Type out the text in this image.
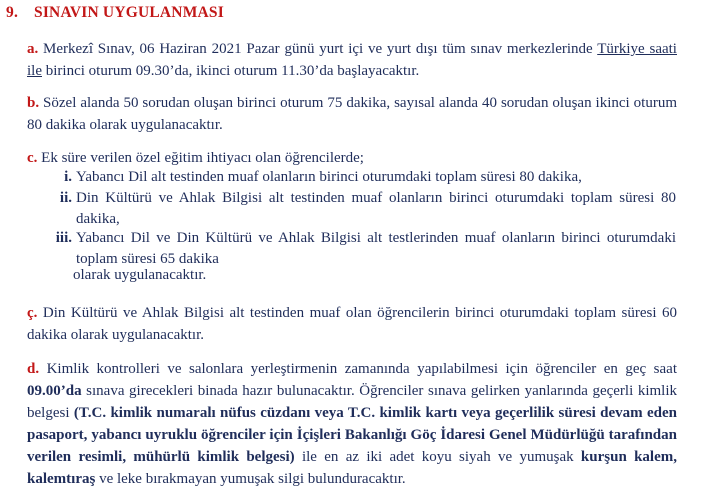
9. SINAVIN UYGULANMASI
a. Merkezî Sınav, 06 Haziran 2021 Pazar günü yurt içi ve yurt dışı tüm sınav merkezlerinde Türkiye saati ile birinci oturum 09.30’da, ikinci oturum 11.30’da başlayacaktır.
b. Sözel alanda 50 sorudan oluşan birinci oturum 75 dakika, sayısal alanda 40 sorudan oluşan ikinci oturum 80 dakika olarak uygulanacaktır.
c. Ek süre verilen özel eğitim ihtiyacı olan öğrencilerde;
i. Yabancı Dil alt testinden muaf olanların birinci oturumdaki toplam süresi 80 dakika,
ii. Din Kültürü ve Ahlak Bilgisi alt testinden muaf olanların birinci oturumdaki toplam süresi 80 dakika,
iii. Yabancı Dil ve Din Kültürü ve Ahlak Bilgisi alt testlerinden muaf olanların birinci oturumdaki toplam süresi 65 dakika
olarak uygulanacaktır.
ç. Din Kültürü ve Ahlak Bilgisi alt testinden muaf olan öğrencilerin birinci oturumdaki toplam süresi 60 dakika olarak uygulanacaktır.
d. Kimlik kontrolleri ve salonlara yerleştirmenin zamanında yapılabilmesi için öğrenciler en geç saat 09.00’da sınava girecekleri binada hazır bulunacaktır. Öğrenciler sınava gelirken yanlarında geçerli kimlik belgesi (T.C. kimlik numaralı nüfus cüzdanı veya T.C. kimlik kartı veya geçerlilik süresi devam eden pasaport, yabancı uyruklu öğrenciler için İçişleri Bakanlığı Göç İdaresi Genel Müdürlüğü tarafından verilen resimli, mühürlü kimlik belgesi) ile en az iki adet koyu siyah ve yumuşak kurşun kalem, kalemtıraş ve leke bırakmayan yumuşak silgi bulunduracaktır.
